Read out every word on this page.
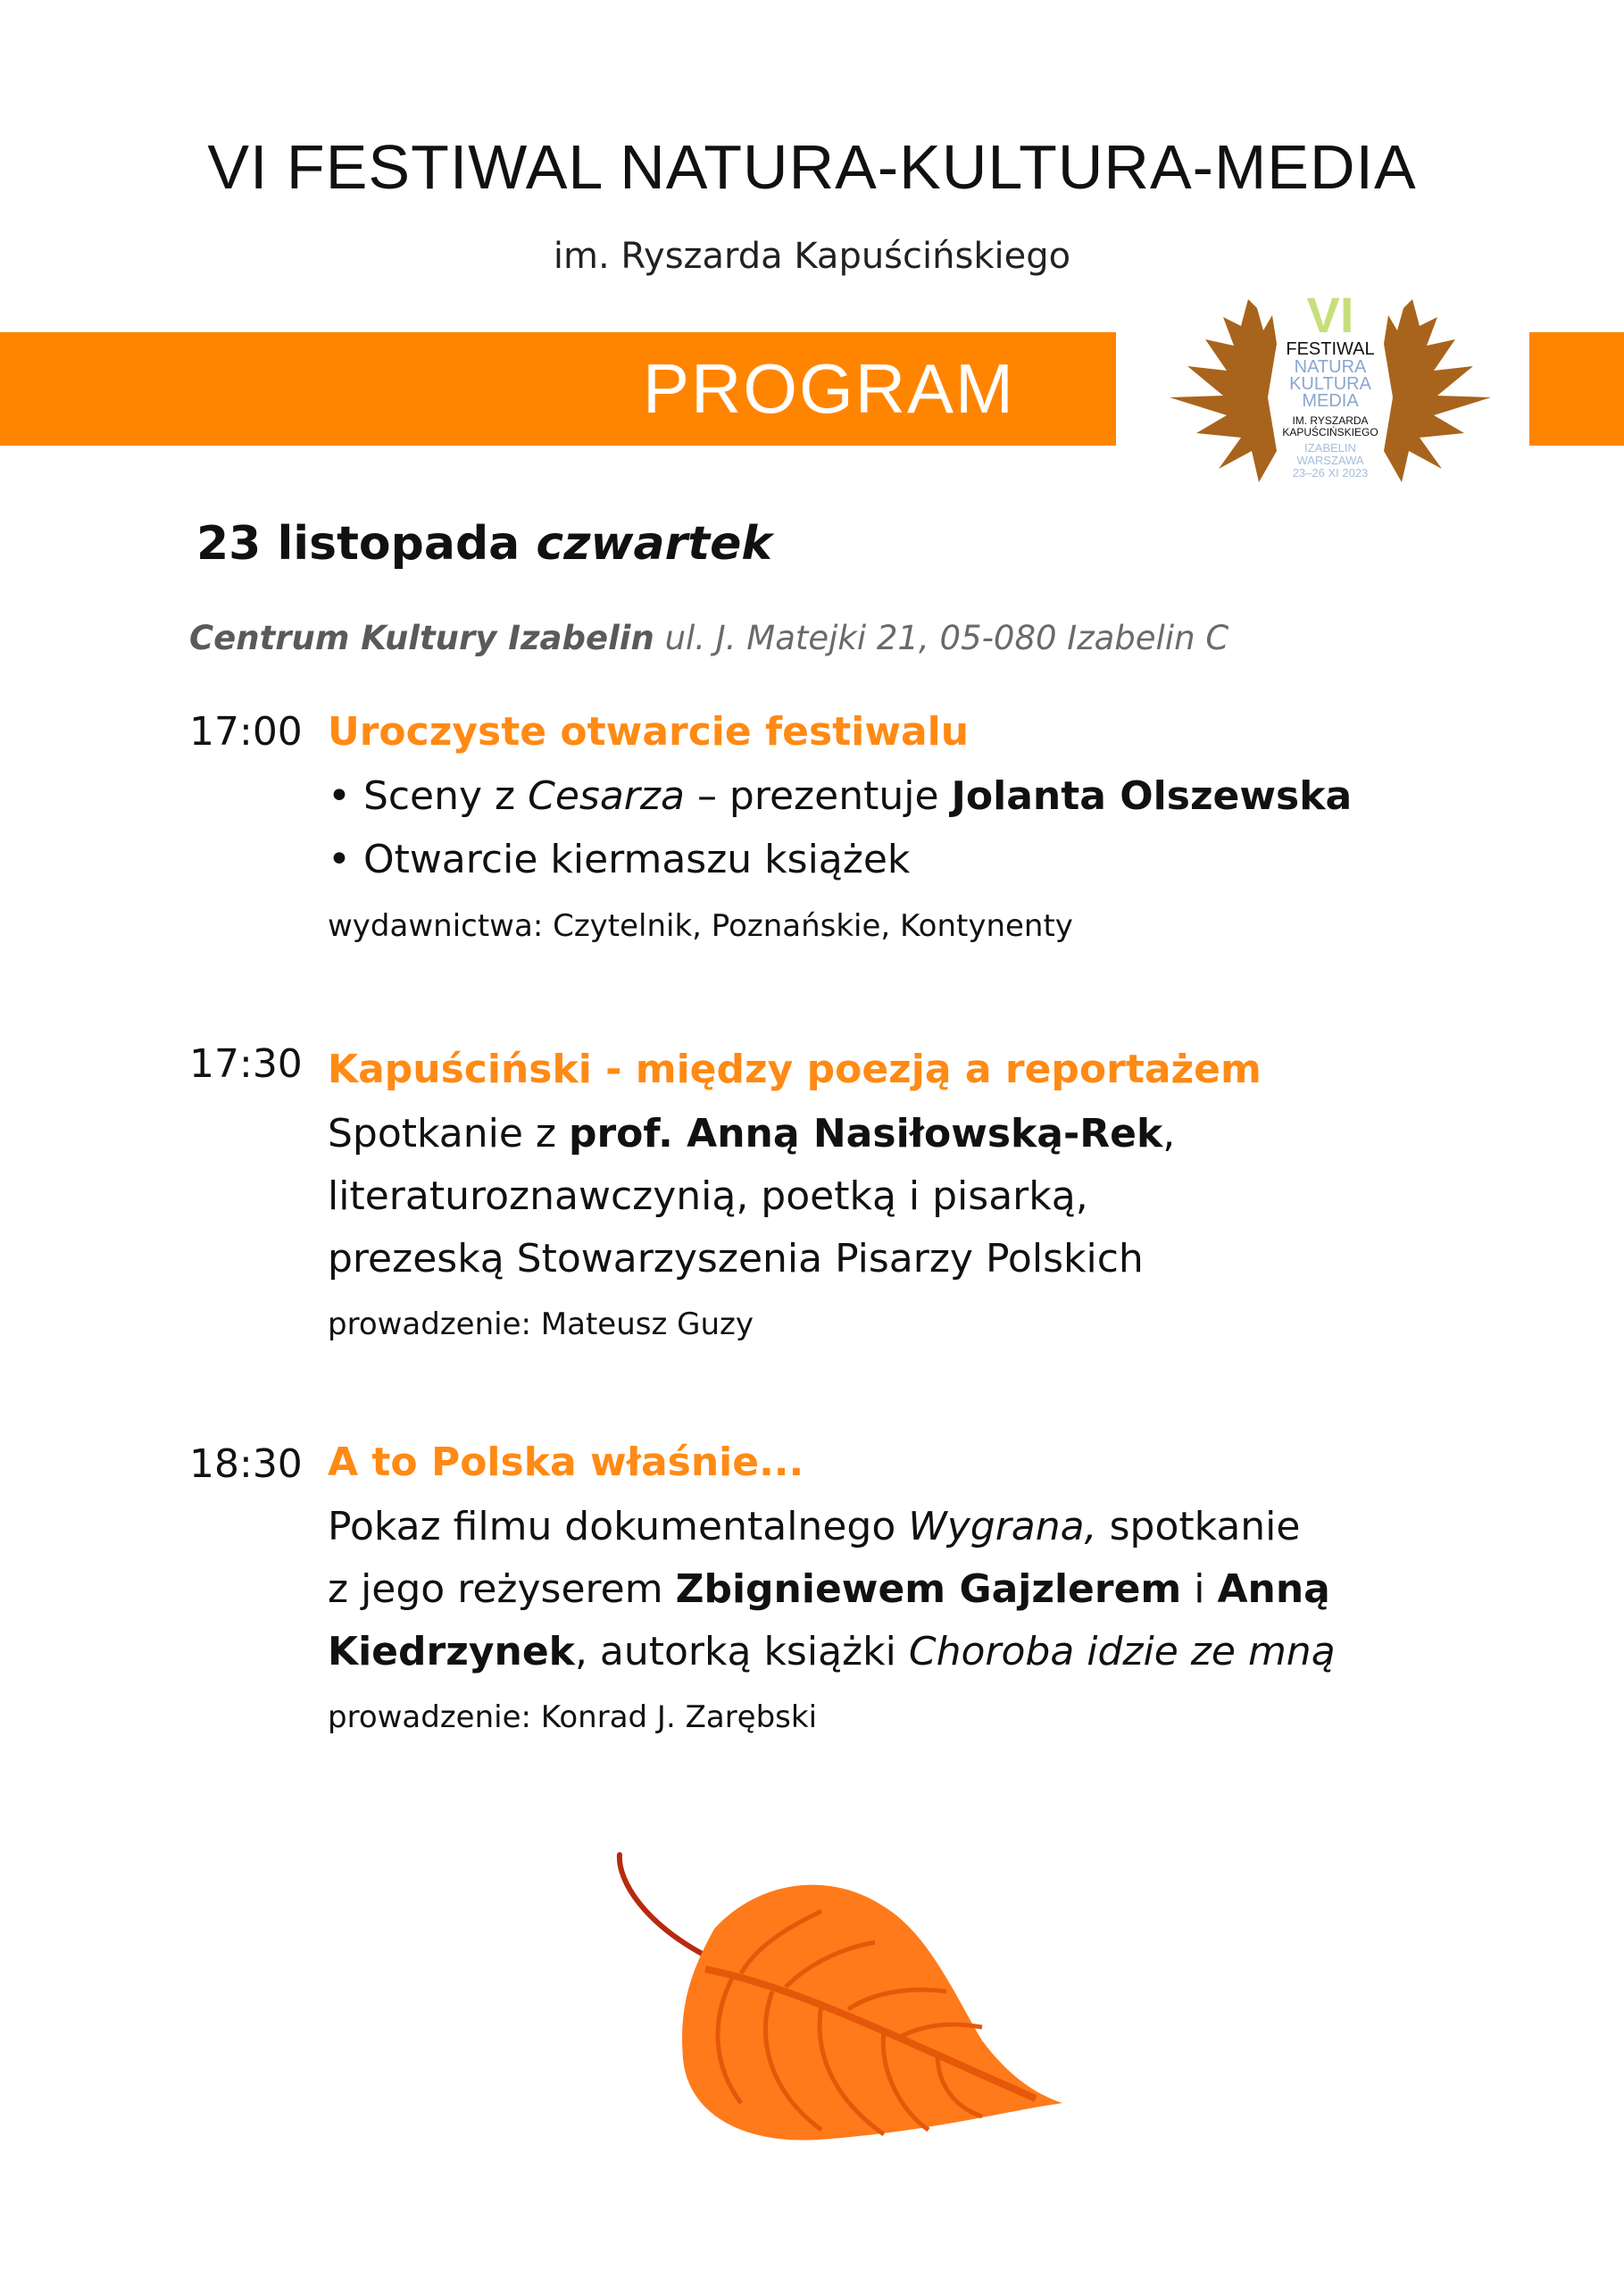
VI FESTIWAL NATURA-KULTURA-MEDIA
im. Ryszarda Kapuścińskiego
PROGRAM
VI
FESTIWAL
NATURA
KULTURA
MEDIA
IM. RYSZARDA
KAPUŚCIŃSKIEGO
IZABELIN
WARSZAWA
23–26 XI 2023
23 listopada czwartek
Centrum Kultury Izabelin ul. J. Matejki 21, 05-080 Izabelin C
17:00 Uroczyste otwarcie festiwalu
• Sceny z Cesarza – prezentuje Jolanta Olszewska
• Otwarcie kiermaszu książek
wydawnictwa: Czytelnik, Poznańskie, Kontynenty
17:30 Kapuściński - między poezją a reportażem
Spotkanie z prof. Anną Nasiłowską-Rek,
literaturoznawczynią, poetką i pisarką,
prezeską Stowarzyszenia Pisarzy Polskich
prowadzenie: Mateusz Guzy
18:30 A to Polska właśnie...
Pokaz filmu dokumentalnego Wygrana, spotkanie
z jego reżyserem Zbigniewem Gajzlerem i Anną
Kiedrzynek, autorką książki Choroba idzie ze mną
prowadzenie: Konrad J. Zarębski
